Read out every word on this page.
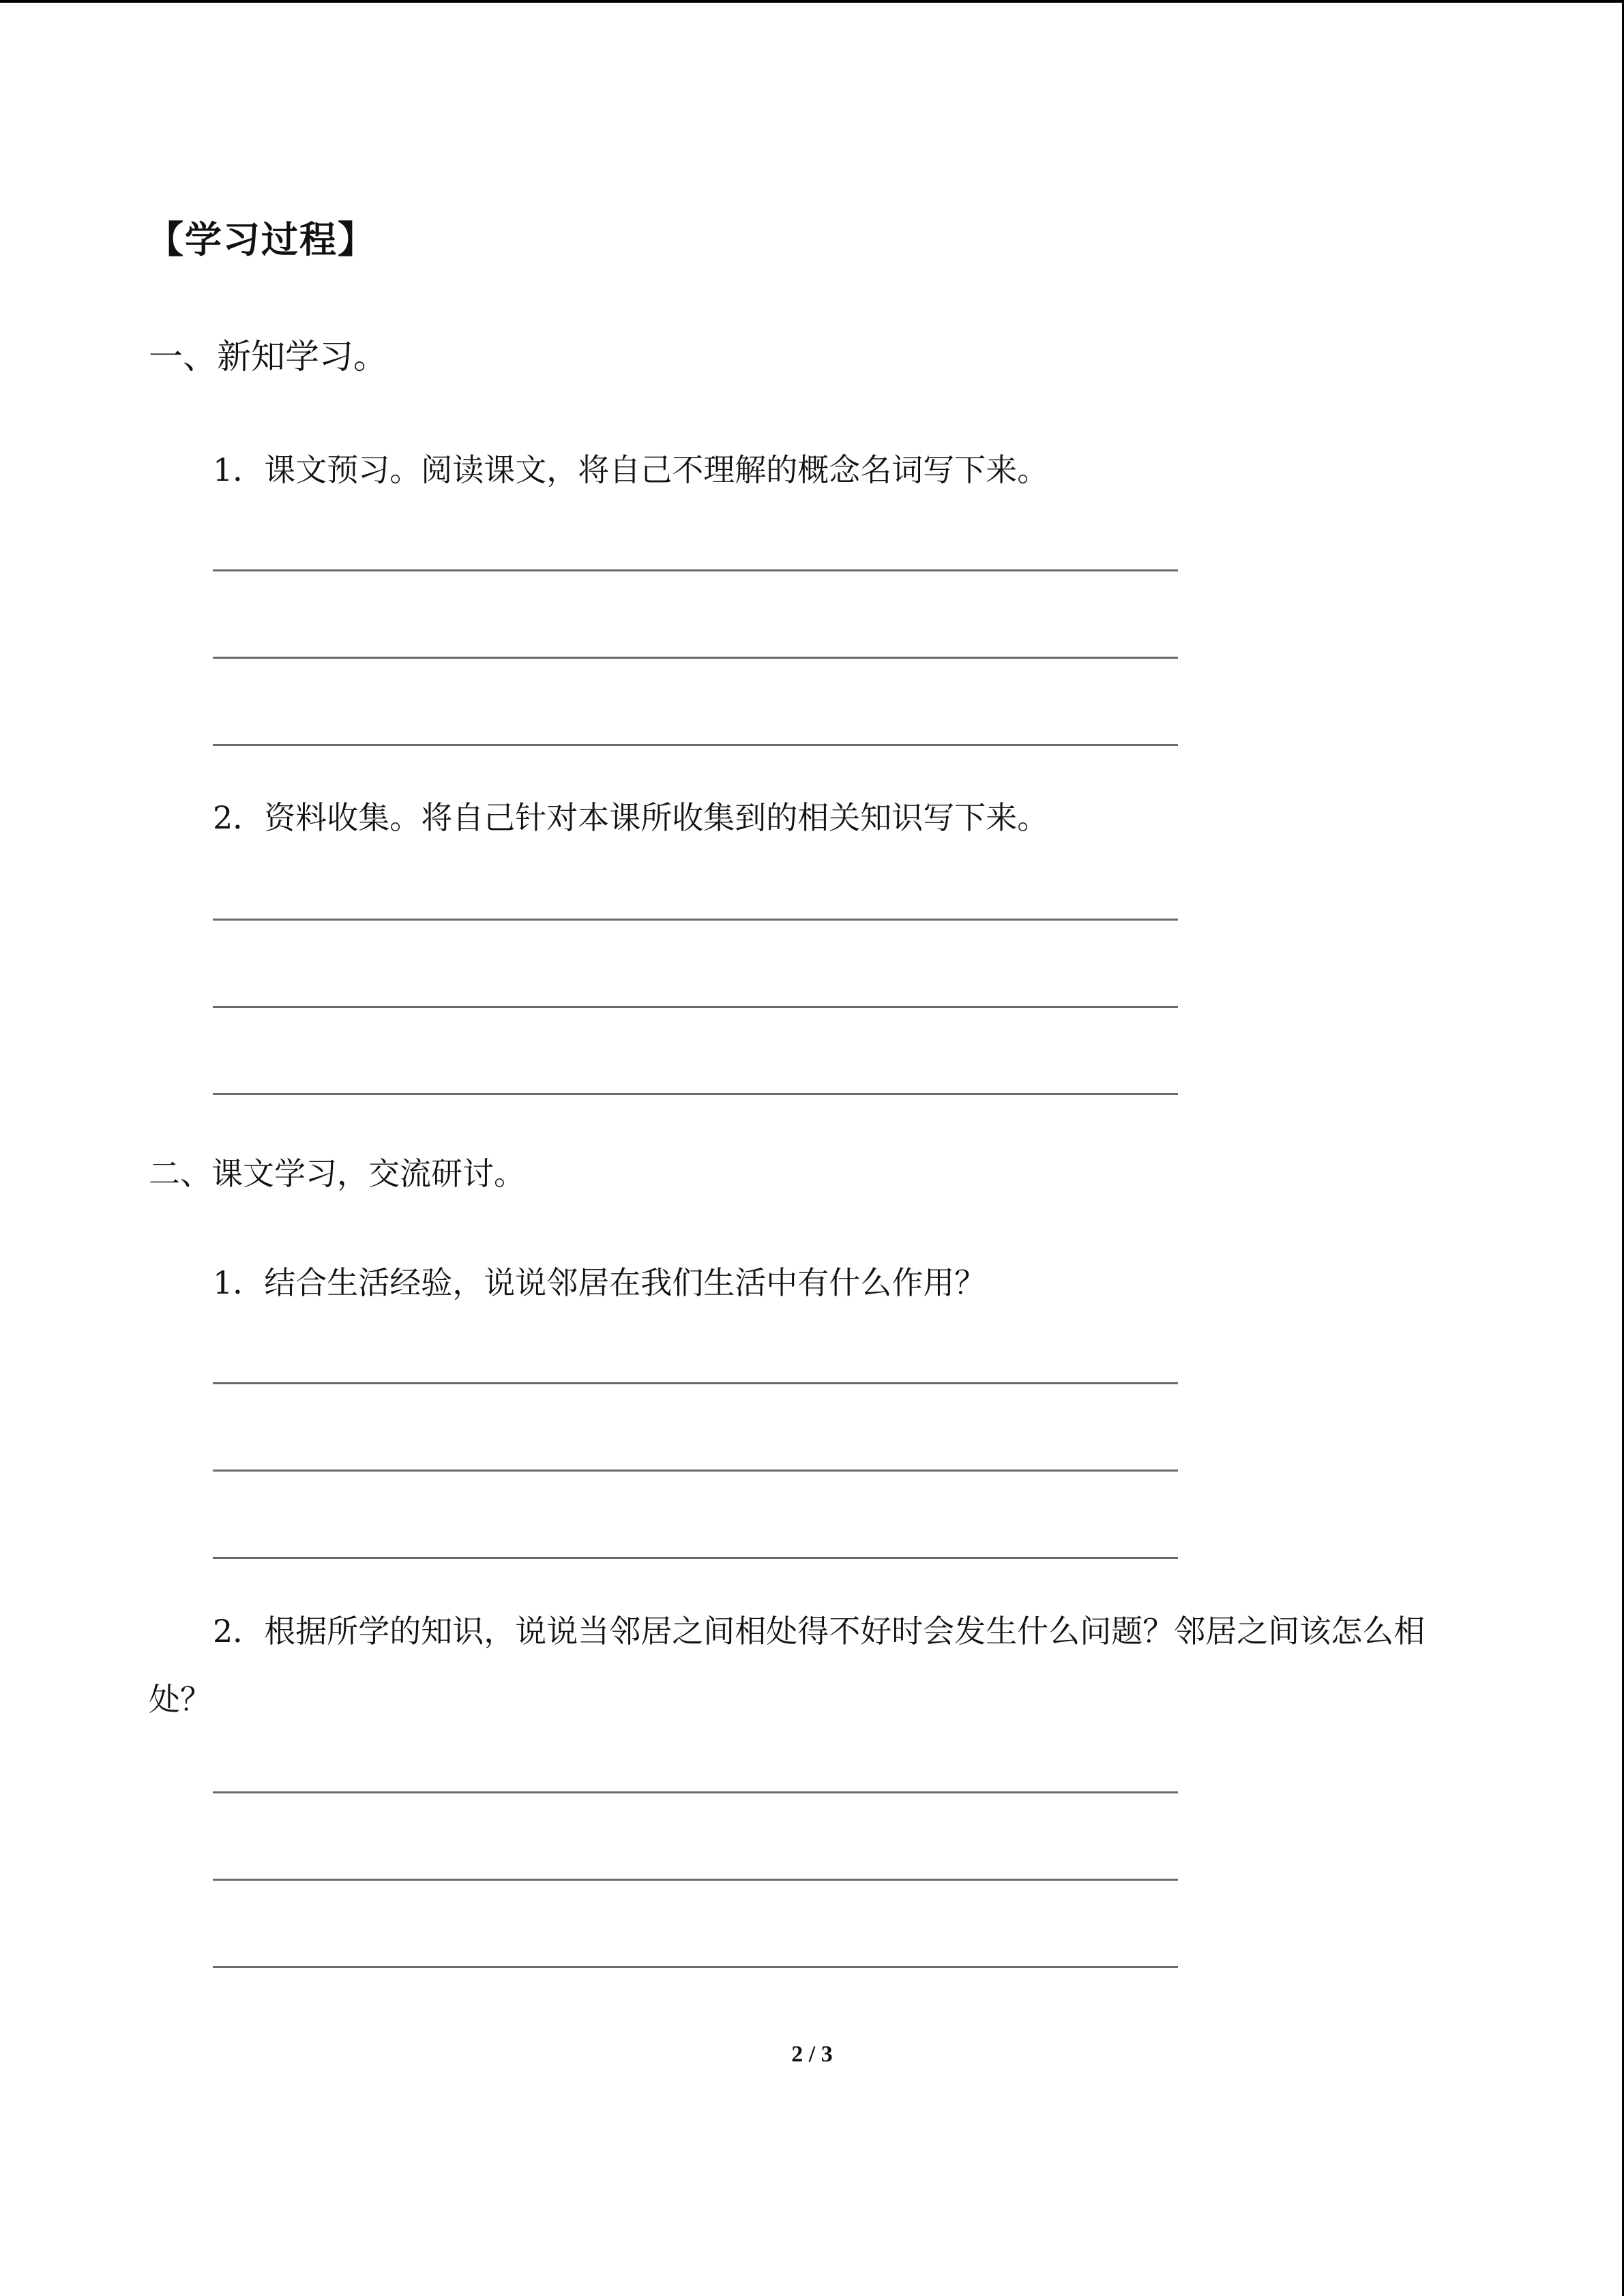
【学习过程】
一、新知学习。
1．课文预习。阅读课文，将自己不理解的概念名词写下来。
2．资料收集。将自己针对本课所收集到的相关知识写下来。
二、课文学习，交流研讨。
1．结合生活经验，说说邻居在我们生活中有什么作用？
2．根据所学的知识，说说当邻居之间相处得不好时会发生什么问题？邻居之间该怎么相处？
2 / 3
